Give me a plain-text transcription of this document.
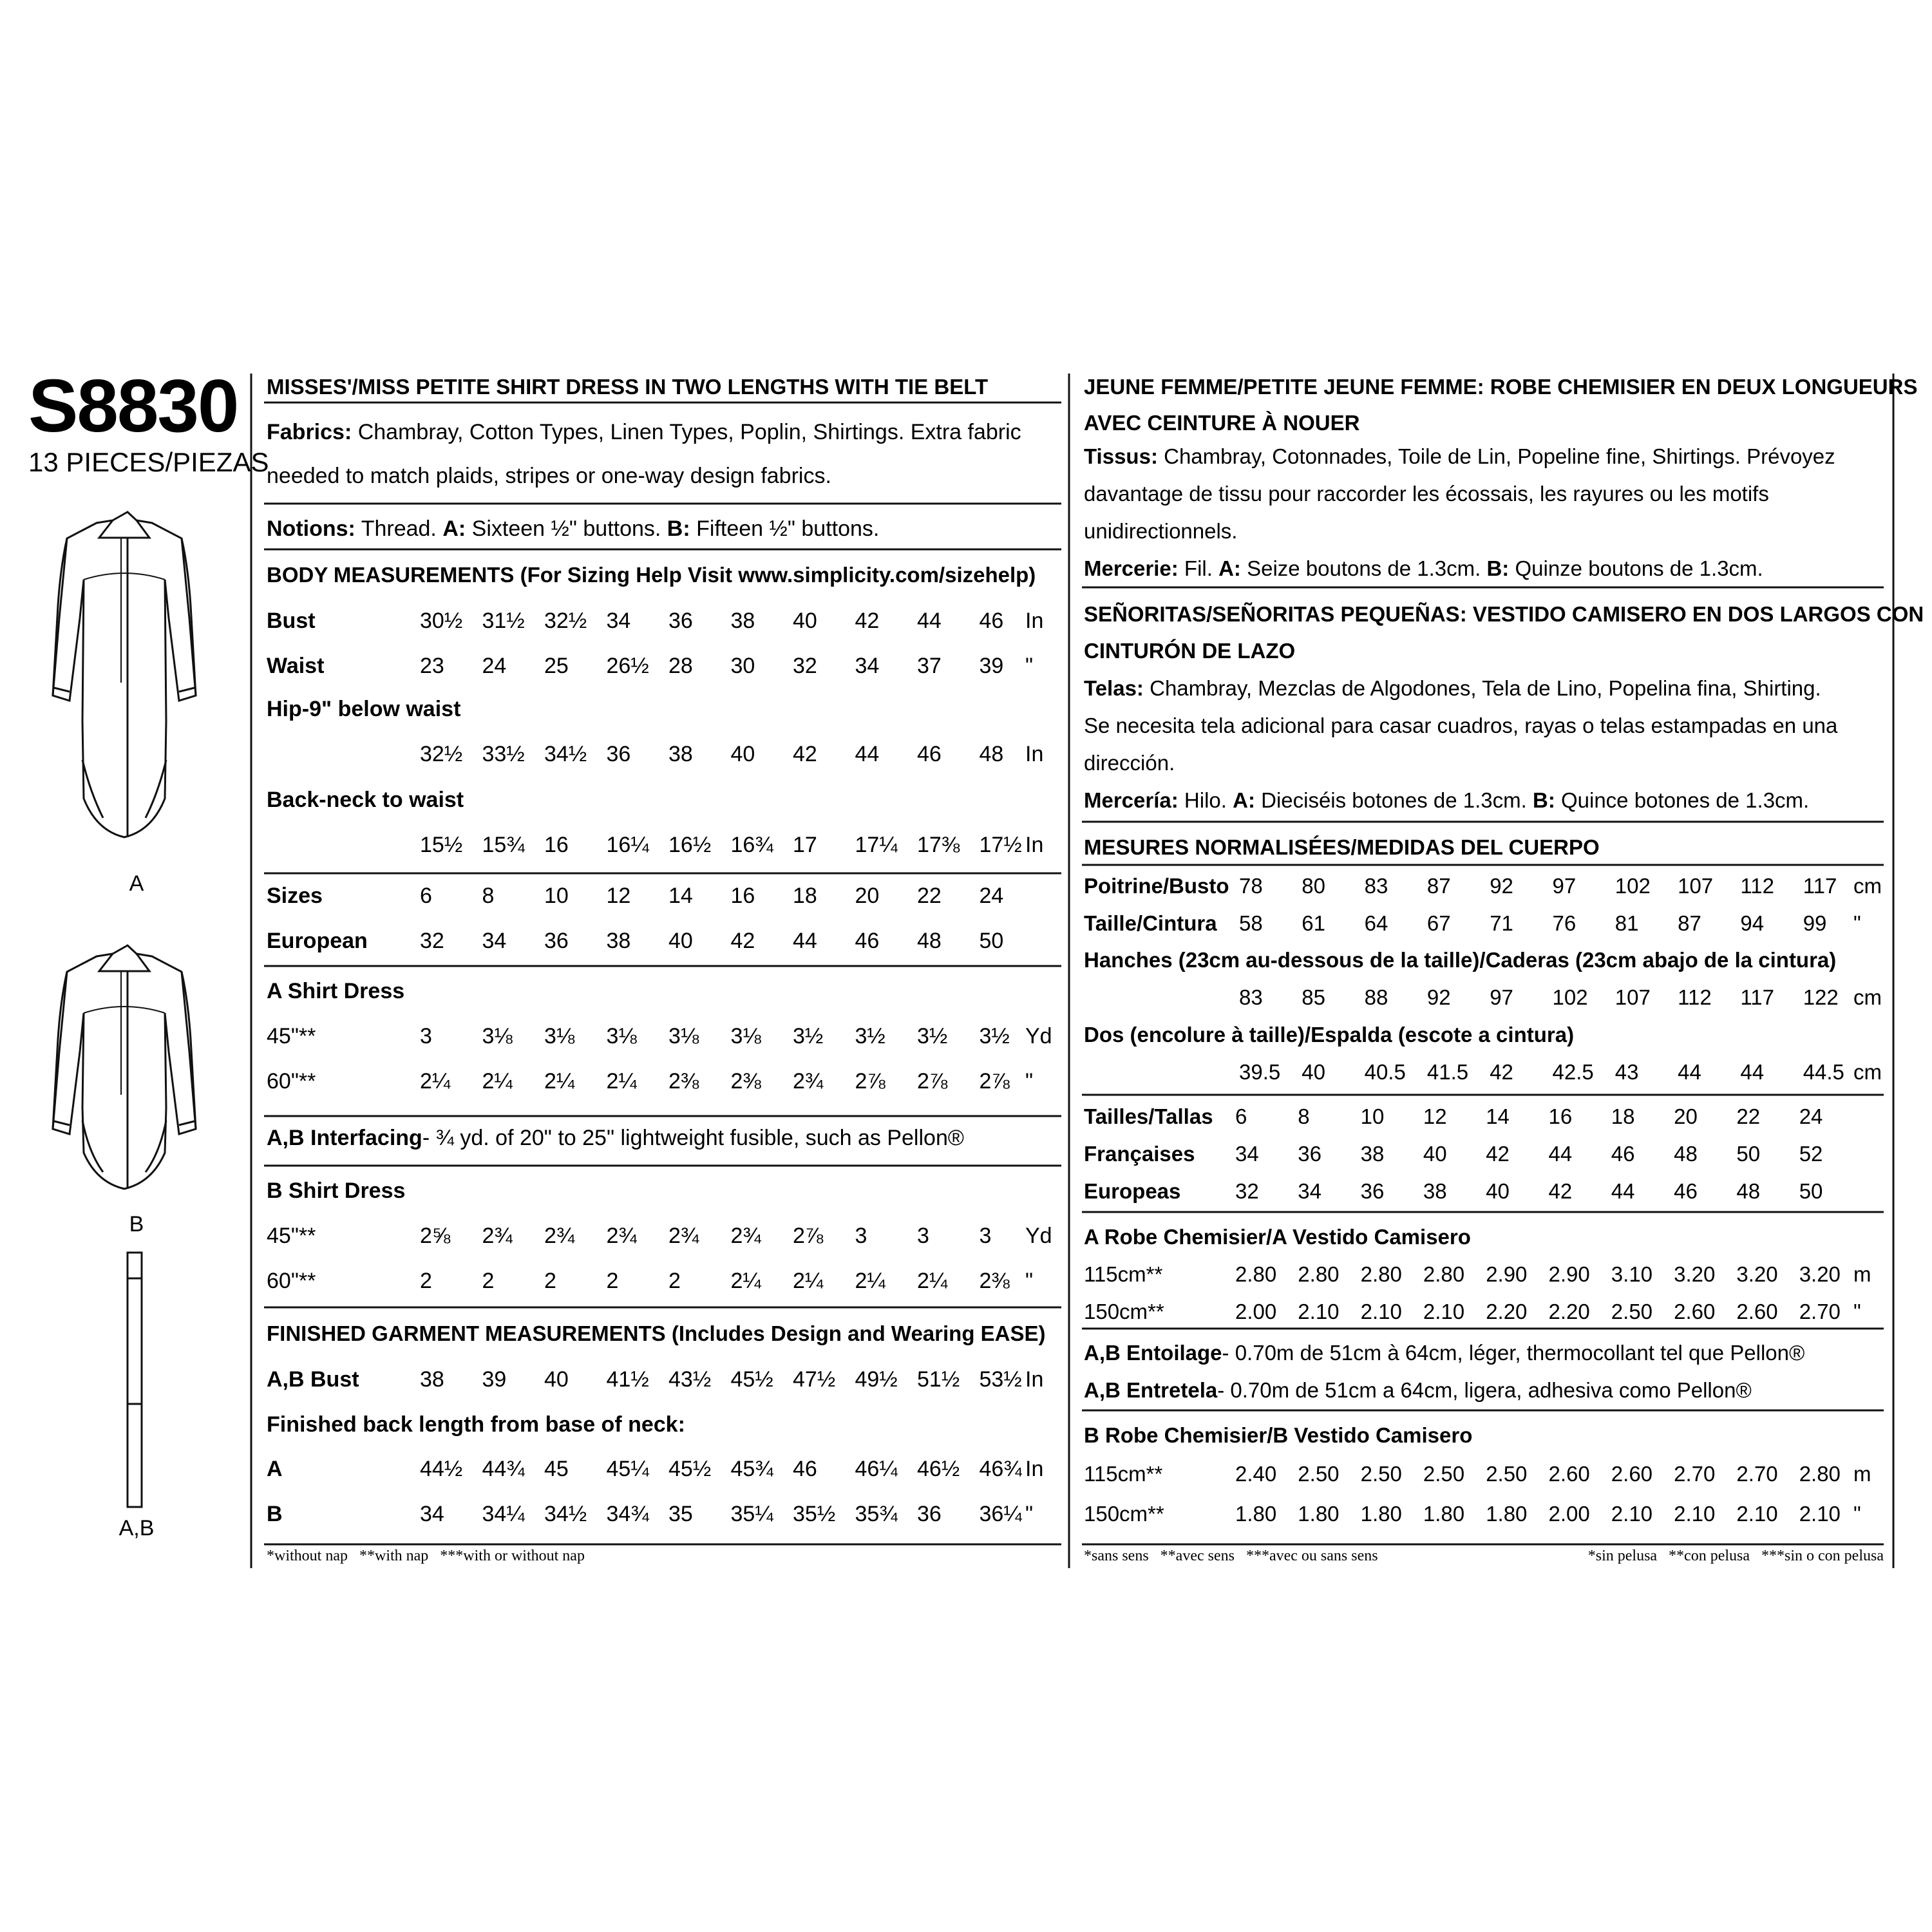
S8830
13 PIECES/PIEZAS
A
B
A,B
MISSES'/MISS PETITE SHIRT DRESS IN TWO LENGTHS WITH TIE BELT
Fabrics: Chambray, Cotton Types, Linen Types, Poplin, Shirtings. Extra fabric
needed to match plaids, stripes or one-way design fabrics.
Notions: Thread. A: Sixteen ½" buttons. B: Fifteen ½" buttons.
BODY MEASUREMENTS (For Sizing Help Visit www.simplicity.com/sizehelp)
Bust	30½ 31½ 32½ 34 36 38 40 42 44 46 In
Waist	23 24 25 26½ 28 30 32 34 37 39 "
Hip-9" below waist
32½ 33½ 34½ 36 38 40 42 44 46 48 In
Back-neck to waist
15½ 15¾ 16 16¼ 16½ 16¾ 17 17¼ 17⅜ 17½ In
Sizes	6 8 10 12 14 16 18 20 22 24
European 32 34 36 38 40 42 44 46 48 50
A Shirt Dress
45"**	3 3⅛ 3⅛ 3⅛ 3⅛ 3⅛ 3½ 3½ 3½ 3½ Yd
60"**	2¼ 2¼ 2¼ 2¼ 2⅜ 2⅜ 2¾ 2⅞ 2⅞ 2⅞ "
A,B Interfacing- ¾ yd. of 20" to 25" lightweight fusible, such as Pellon®
B Shirt Dress
45"**	2⅝ 2¾ 2¾ 2¾ 2¾ 2¾ 2⅞ 3 3 3 Yd
60"**	2 2 2 2 2 2¼ 2¼ 2¼ 2¼ 2⅜ "
FINISHED GARMENT MEASUREMENTS (Includes Design and Wearing EASE)
A,B Bust	38 39 40 41½ 43½ 45½ 47½ 49½ 51½ 53½ In
Finished back length from base of neck:
A	44½ 44¾ 45 45¼ 45½ 45¾ 46 46¼ 46½ 46¾ In
B	34 34¼ 34½ 34¾ 35 35¼ 35½ 35¾ 36 36¼ "
*without nap   **with nap   ***with or without nap
JEUNE FEMME/PETITE JEUNE FEMME: ROBE CHEMISIER EN DEUX LONGUEURS
AVEC CEINTURE À NOUER
Tissus: Chambray, Cotonnades, Toile de Lin, Popeline fine, Shirtings. Prévoyez
davantage de tissu pour raccorder les écossais, les rayures ou les motifs
unidirectionnels.
Mercerie: Fil. A: Seize boutons de 1.3cm. B: Quinze boutons de 1.3cm.
SEÑORITAS/SEÑORITAS PEQUEÑAS: VESTIDO CAMISERO EN DOS LARGOS CON
CINTURÓN DE LAZO
Telas: Chambray, Mezclas de Algodones, Tela de Lino, Popelina fina, Shirting.
Se necesita tela adicional para casar cuadros, rayas o telas estampadas en una
dirección.
Mercería: Hilo. A: Dieciséis botones de 1.3cm. B: Quince botones de 1.3cm.
MESURES NORMALISÉES/MEDIDAS DEL CUERPO
Poitrine/Busto 78 80 83 87 92 97 102 107 112 117 cm
Taille/Cintura 58 61 64 67 71 76 81 87 94 99 "
Hanches (23cm au-dessous de la taille)/Caderas (23cm abajo de la cintura)
83 85 88 92 97 102 107 112 117 122 cm
Dos (encolure à taille)/Espalda (escote a cintura)
39.5 40 40.5 41.5 42 42.5 43 44 44 44.5 cm
Tailles/Tallas 6 8 10 12 14 16 18 20 22 24
Françaises 34 36 38 40 42 44 46 48 50 52
Europeas	32 34 36 38 40 42 44 46 48 50
A Robe Chemisier/A Vestido Camisero
115cm**	2.80 2.80 2.80 2.80 2.90 2.90 3.10 3.20 3.20 3.20 m
150cm**	2.00 2.10 2.10 2.10 2.20 2.20 2.50 2.60 2.60 2.70 "
A,B Entoilage- 0.70m de 51cm à 64cm, léger, thermocollant tel que Pellon®
A,B Entretela- 0.70m de 51cm a 64cm, ligera, adhesiva como Pellon®
B Robe Chemisier/B Vestido Camisero
115cm**	2.40 2.50 2.50 2.50 2.50 2.60 2.60 2.70 2.70 2.80 m
150cm**	1.80 1.80 1.80 1.80 1.80 2.00 2.10 2.10 2.10 2.10 "
*sans sens   **avec sens   ***avec ou sans sens	*sin pelusa   **con pelusa   ***sin o con pelusa
